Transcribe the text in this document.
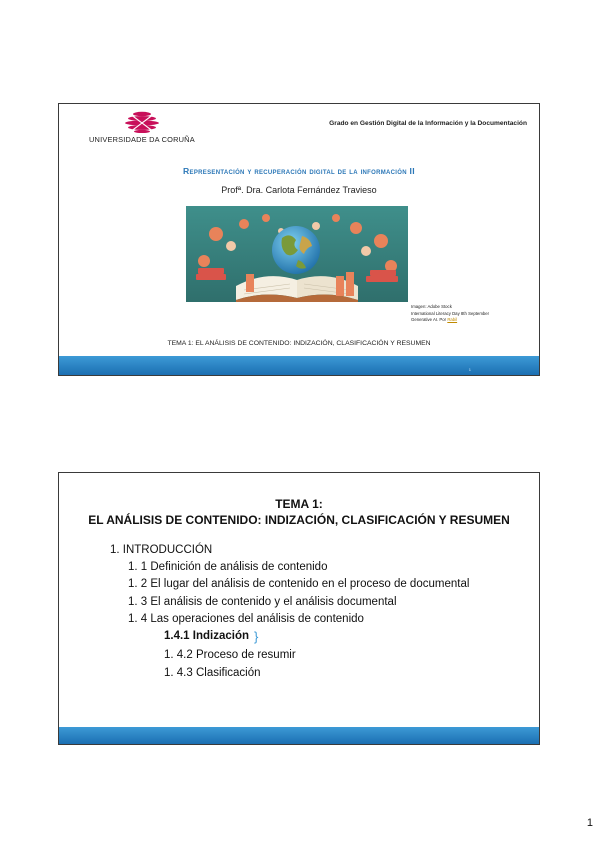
UNIVERSIDADE DA CORUÑA
Grado en Gestión Digital de la Información y la Documentación
Representación y recuperación digital de la información II
Profª. Dra. Carlota Fernández Travieso
Imagen: Adobe Stock
International Literacy Day 8th September
Generative AI. Por Rabil
TEMA 1: EL ANÁLISIS DE CONTENIDO: INDIZACIÓN, CLASIFICACIÓN Y RESUMEN
1
TEMA 1:
EL ANÁLISIS DE CONTENIDO: INDIZACIÓN, CLASIFICACIÓN Y RESUMEN
1. INTRODUCCIÓN
1. 1 Definición de análisis de contenido
1. 2 El lugar del análisis de contenido en el proceso de documental
1. 3 El análisis de contenido y el análisis documental
1. 4 Las operaciones del análisis de contenido
1.4.1 Indización }
1. 4.2 Proceso de resumir
1. 4.3 Clasificación
1
